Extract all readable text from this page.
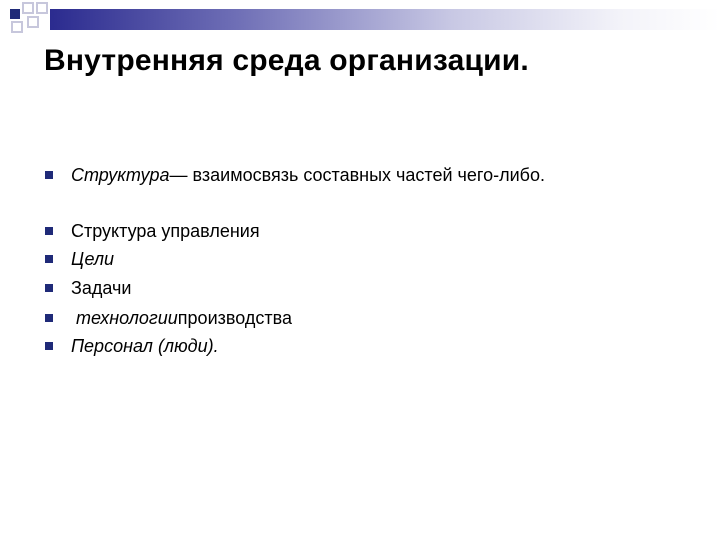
Внутренняя среда организации.
Структура — взаимосвязь составных частей чего-либо.
Структура управления
Цели
Задачи
технологии производства
Персонал (люди).
